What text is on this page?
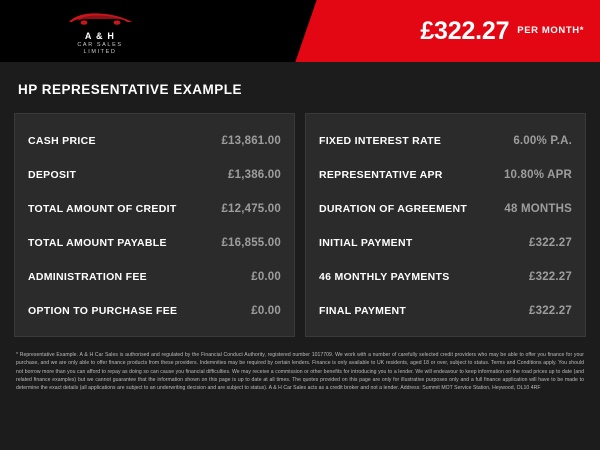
A & H
CAR SALES
LIMITED
£322.27 PER MONTH*
HP REPRESENTATIVE EXAMPLE
CASH PRICE	£13,861.00
DEPOSIT	£1,386.00
TOTAL AMOUNT OF CREDIT	£12,475.00
TOTAL AMOUNT PAYABLE	£16,855.00
ADMINISTRATION FEE	£0.00
OPTION TO PURCHASE FEE	£0.00
FIXED INTEREST RATE	6.00% P.A.
REPRESENTATIVE APR	10.80% APR
DURATION OF AGREEMENT	48 MONTHS
INITIAL PAYMENT	£322.27
46 MONTHLY PAYMENTS	£322.27
FINAL PAYMENT	£322.27
* Representative Example. A & H Car Sales is authorised and regulated by the Financial Conduct Authority, registered number 1017709. We work with a number of carefully selected credit providers who may be able to offer you finance for your purchase, and we are only able to offer finance products from these providers. Indemnities may be required by certain lenders. Finance is only available to UK residents, aged 18 or over, subject to status. Terms and Conditions apply. You should not borrow more than you can afford to repay as doing so can cause you financial difficulties. We may receive a commission or other benefits for introducing you to a lender. We will endeavour to keep information on the road prices up to date (and related finance examples) but we cannot guarantee that the information shown on this page is up to date at all times. The quotes provided on this page are only for illustrative purposes only and a full finance application will have to be made to determine the exact details (all applications are subject to an underwriting decision and are subject to status). A & H Car Sales acts as a credit broker and not a lender. Address: Summit MOT Service Station, Heywood, OL10 4RF
